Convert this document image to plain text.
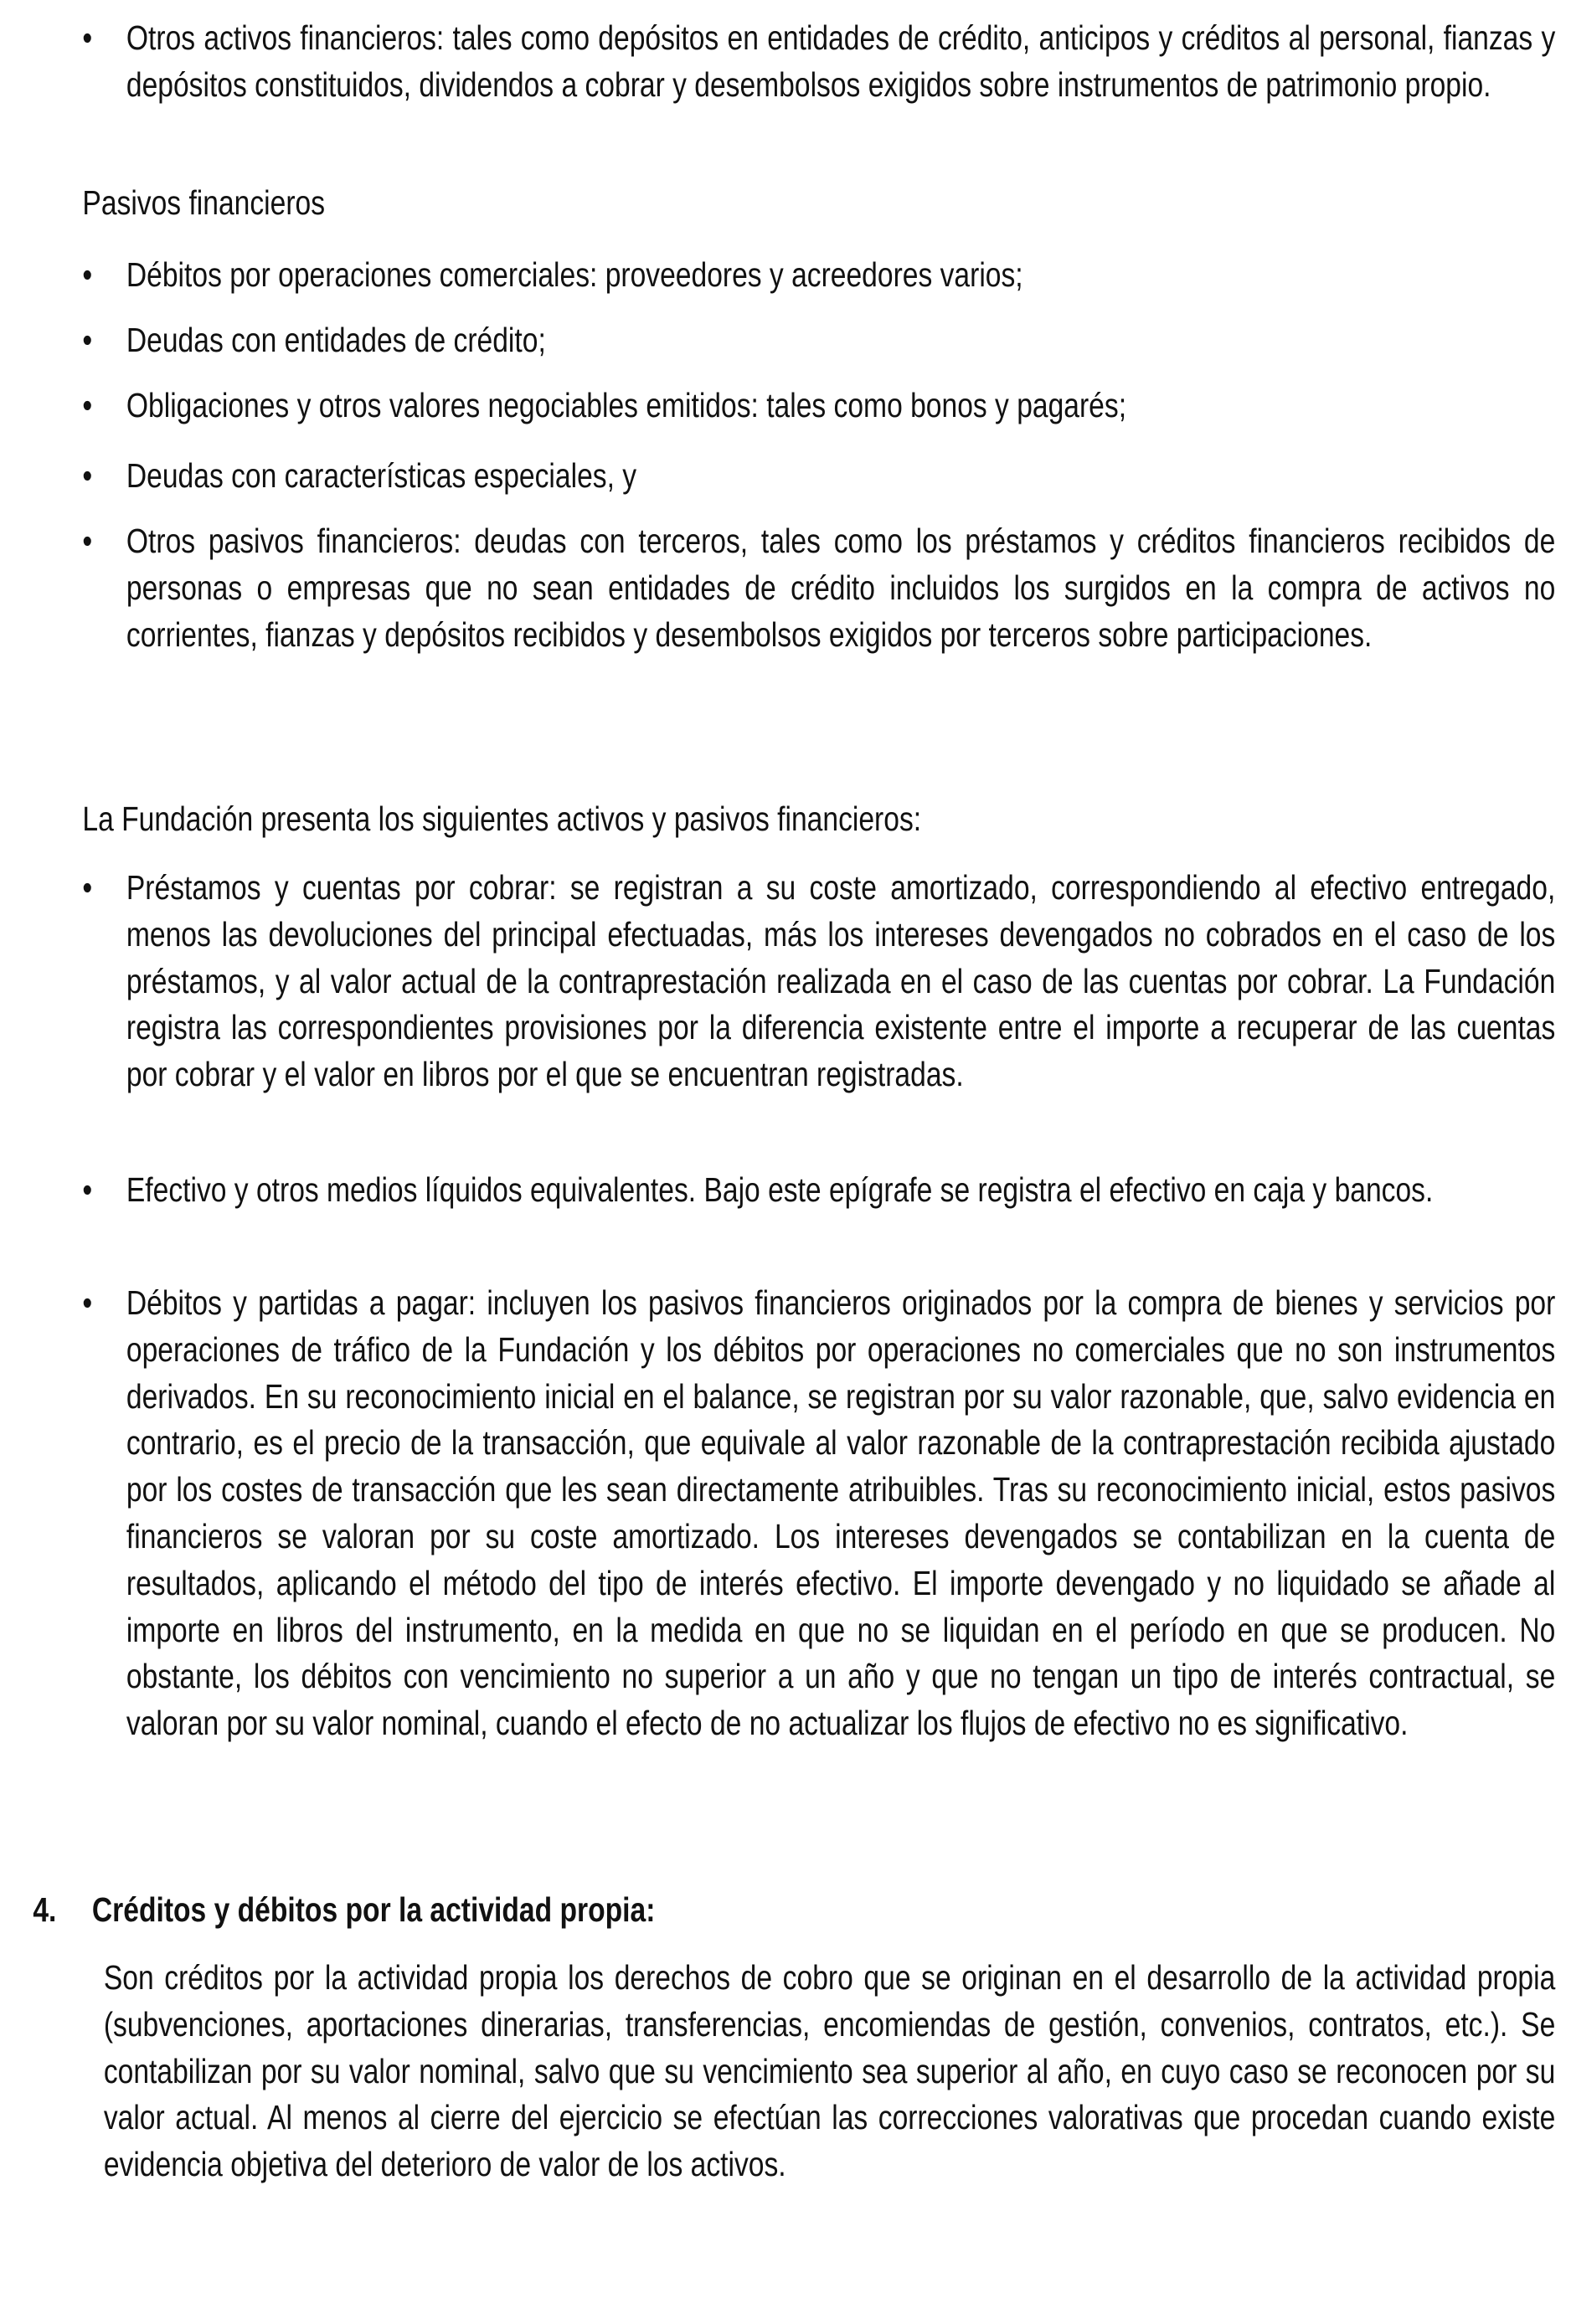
• Otros activos financieros: tales como depósitos en entidades de crédito, anticipos y créditos al personal, fianzas y depósitos constituidos, dividendos a cobrar y desembolsos exigidos sobre instrumentos de patrimonio propio.
Pasivos financieros
• Débitos por operaciones comerciales: proveedores y acreedores varios;
• Deudas con entidades de crédito;
• Obligaciones y otros valores negociables emitidos: tales como bonos y pagarés;
• Deudas con características especiales, y
• Otros pasivos financieros: deudas con terceros, tales como los préstamos y créditos financieros recibidos de personas o empresas que no sean entidades de crédito incluidos los surgidos en la compra de activos no corrientes, fianzas y depósitos recibidos y desembolsos exigidos por terceros sobre participaciones.
La Fundación presenta los siguientes activos y pasivos financieros:
• Préstamos y cuentas por cobrar: se registran a su coste amortizado, correspondiendo al efectivo entregado, menos las devoluciones del principal efectuadas, más los intereses devengados no cobrados en el caso de los préstamos, y al valor actual de la contraprestación realizada en el caso de las cuentas por cobrar. La Fundación registra las correspondientes provisiones por la diferencia existente entre el importe a recuperar de las cuentas por cobrar y el valor en libros por el que se encuentran registradas.
• Efectivo y otros medios líquidos equivalentes. Bajo este epígrafe se registra el efectivo en caja y bancos.
• Débitos y partidas a pagar: incluyen los pasivos financieros originados por la compra de bienes y servicios por operaciones de tráfico de la Fundación y los débitos por operaciones no comerciales que no son instrumentos derivados. En su reconocimiento inicial en el balance, se registran por su valor razonable, que, salvo evidencia en contrario, es el precio de la transacción, que equivale al valor razonable de la contraprestación recibida ajustado por los costes de transacción que les sean directamente atribuibles. Tras su reconocimiento inicial, estos pasivos financieros se valoran por su coste amortizado. Los intereses devengados se contabilizan en la cuenta de resultados, aplicando el método del tipo de interés efectivo. El importe devengado y no liquidado se añade al importe en libros del instrumento, en la medida en que no se liquidan en el período en que se producen. No obstante, los débitos con vencimiento no superior a un año y que no tengan un tipo de interés contractual, se valoran por su valor nominal, cuando el efecto de no actualizar los flujos de efectivo no es significativo.
4. Créditos y débitos por la actividad propia:
Son créditos por la actividad propia los derechos de cobro que se originan en el desarrollo de la actividad propia (subvenciones, aportaciones dinerarias, transferencias, encomiendas de gestión, convenios, contratos, etc.). Se contabilizan por su valor nominal, salvo que su vencimiento sea superior al año, en cuyo caso se reconocen por su valor actual. Al menos al cierre del ejercicio se efectúan las correcciones valorativas que procedan cuando existe evidencia objetiva del deterioro de valor de los activos.
